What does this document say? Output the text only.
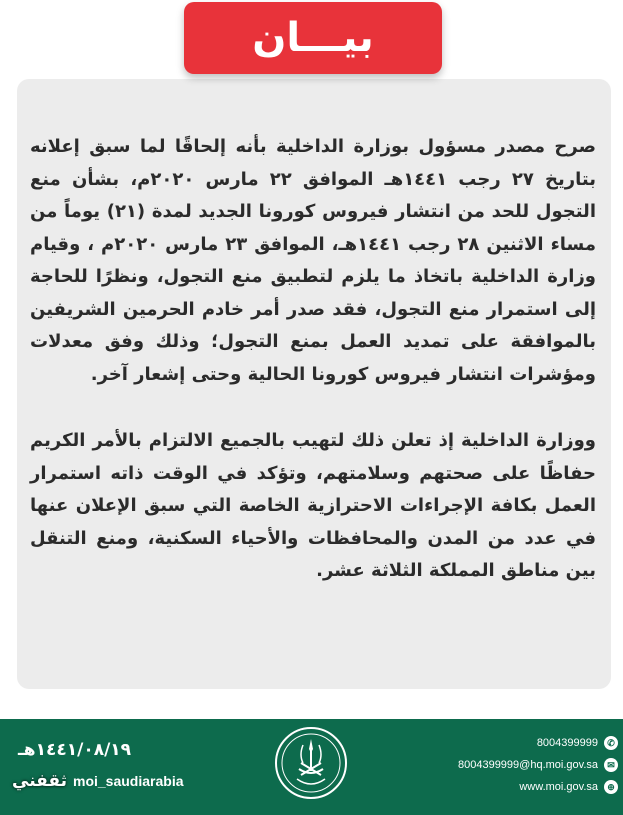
بيـــان

صرح مصدر مسؤول بوزارة الداخلية بأنه إلحاقًا لما سبق إعلانه بتاريخ ٢٧ رجب ١٤٤١هـ الموافق ٢٢ مارس ٢٠٢٠م، بشأن منع التجول للحد من انتشار فيروس كورونا الجديد لمدة (٢١) يوماً من مساء الاثنين ٢٨ رجب ١٤٤١هـ، الموافق ٢٣ مارس ٢٠٢٠م ، وقيام وزارة الداخلية باتخاذ ما يلزم لتطبيق منع التجول، ونظرًا للحاجة إلى استمرار منع التجول، فقد صدر أمر خادم الحرمين الشريفين بالموافقة على تمديد العمل بمنع التجول؛ وذلك وفق معدلات ومؤشرات انتشار فيروس كورونا الحالية وحتى إشعار آخر.

ووزارة الداخلية إذ تعلن ذلك لتهيب بالجميع الالتزام بالأمر الكريم حفاظًا على صحتهم وسلامتهم، وتؤكد في الوقت ذاته استمرار العمل بكافة الإجراءات الاحترازية الخاصة التي سبق الإعلان عنها في عدد من المدن والمحافظات والأحياء السكنية، ومنع التنقل بين مناطق المملكة الثلاثة عشر.

١٤٤١/٠٨/١٩هـ
ثقفني moi_saudiarabia
8004399999	✆
8004399999@hq.moi.gov.sa	✉
www.moi.gov.sa	⊕
